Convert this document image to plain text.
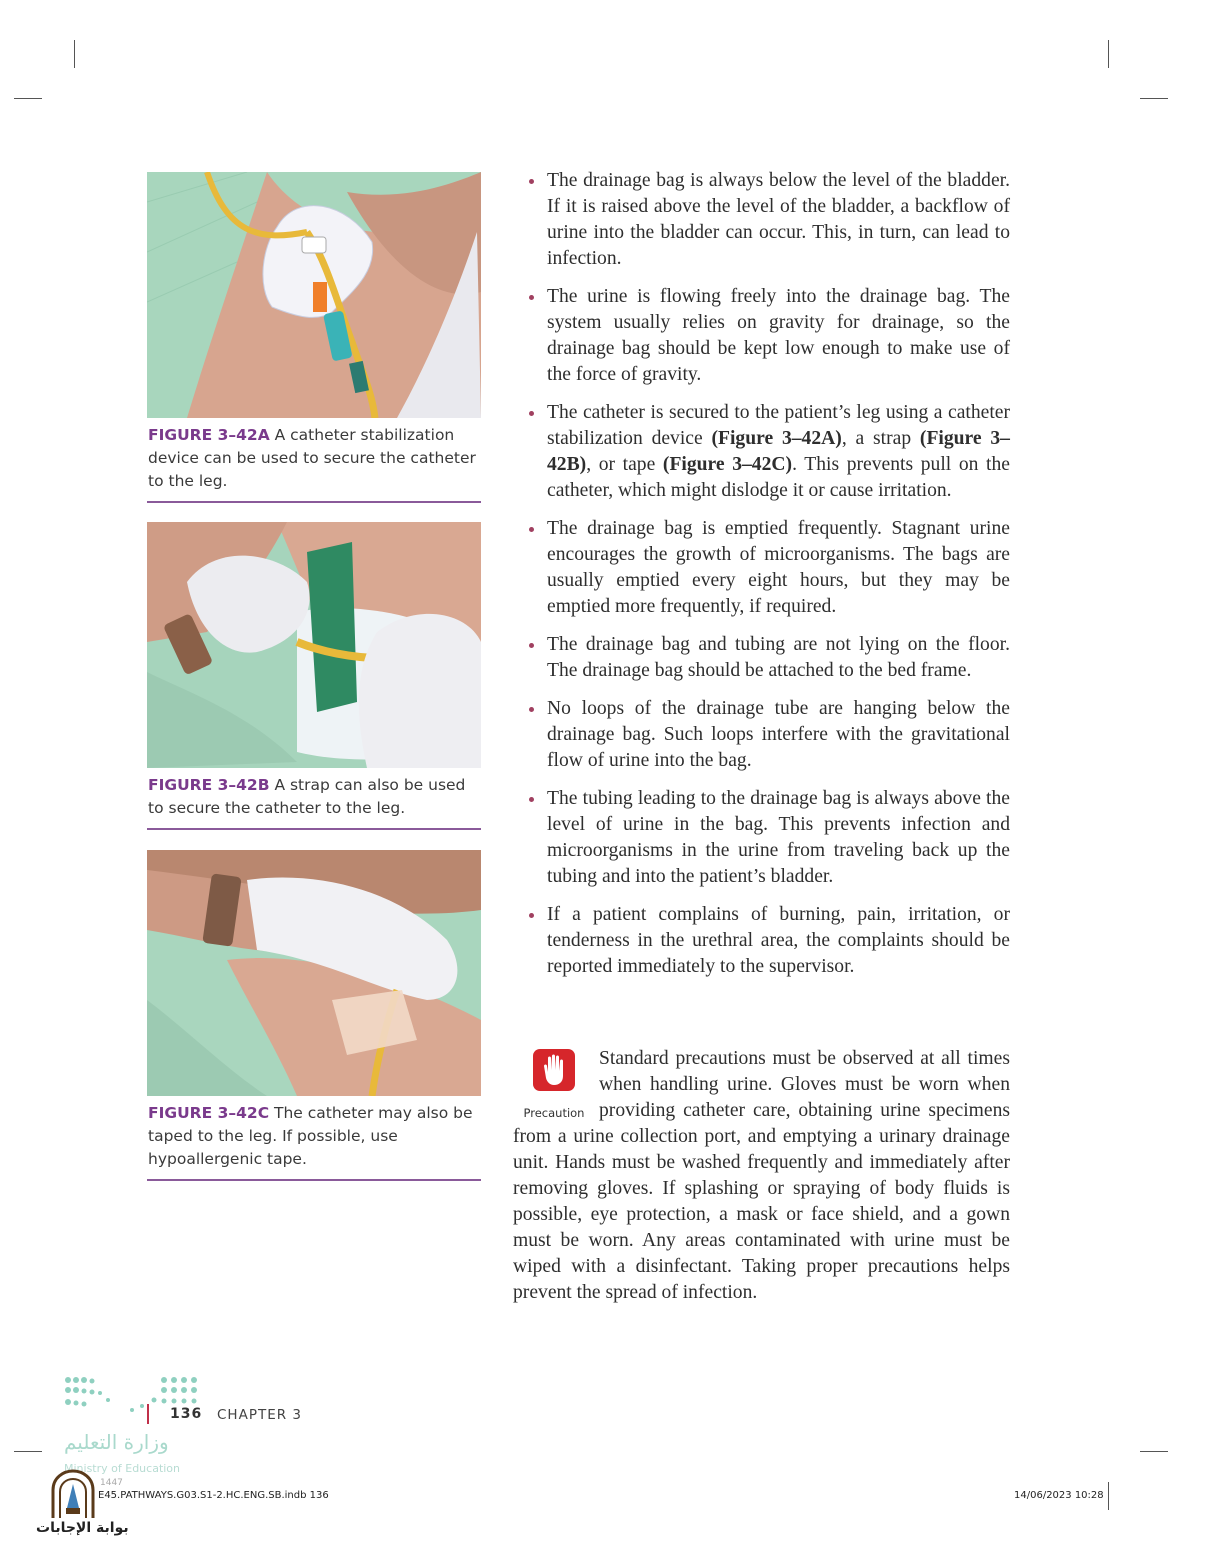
FIGURE 3–42A A catheter stabilization device can be used to secure the catheter to the leg.
FIGURE 3–42B A strap can also be used to secure the catheter to the leg.
FIGURE 3–42C The catheter may also be taped to the leg. If possible, use hypoallergenic tape.

The drainage bag is always below the level of the bladder. If it is raised above the level of the bladder, a backflow of urine into the bladder can occur. This, in turn, can lead to infection.

The urine is flowing freely into the drainage bag. The system usually relies on gravity for drainage, so the drainage bag should be kept low enough to make use of the force of gravity.

The catheter is secured to the patient’s leg using a catheter stabilization device (Figure 3–42A), a strap (Figure 3–42B), or tape (Figure 3–42C). This prevents pull on the catheter, which might dislodge it or cause irritation.

The drainage bag is emptied frequently. Stagnant urine encourages the growth of microorganisms. The bags are usually emptied every eight hours, but they may be emptied more frequently, if required.

The drainage bag and tubing are not lying on the floor. The drainage bag should be attached to the bed frame.

No loops of the drainage tube are hanging below the drainage bag. Such loops interfere with the gravitational flow of urine into the bag.

The tubing leading to the drainage bag is always above the level of urine in the bag. This prevents infection and microorganisms in the urine from traveling back up the tubing and into the patient’s bladder.

If a patient complains of burning, pain, irritation, or tenderness in the urethral area, the complaints should be reported immediately to the supervisor.

Precaution
Standard precautions must be observed at all times when handling urine. Gloves must be worn when providing catheter care, obtaining urine specimens from a urine collection port, and emptying a urinary drainage unit. Hands must be washed frequently and immediately after removing gloves. If splashing or spraying of body fluids is possible, eye protection, a mask or face shield, and a gown must be worn. Any areas contaminated with urine must be wiped with a disinfectant. Taking proper precautions helps prevent the spread of infection.
136 CHAPTER 3
وزارة التعليم
Ministry of Education
1447
E45.PATHWAYS.G03.S1-2.HC.ENG.SB.indb 136	14/06/2023 10:28
بوابة الإجابات
